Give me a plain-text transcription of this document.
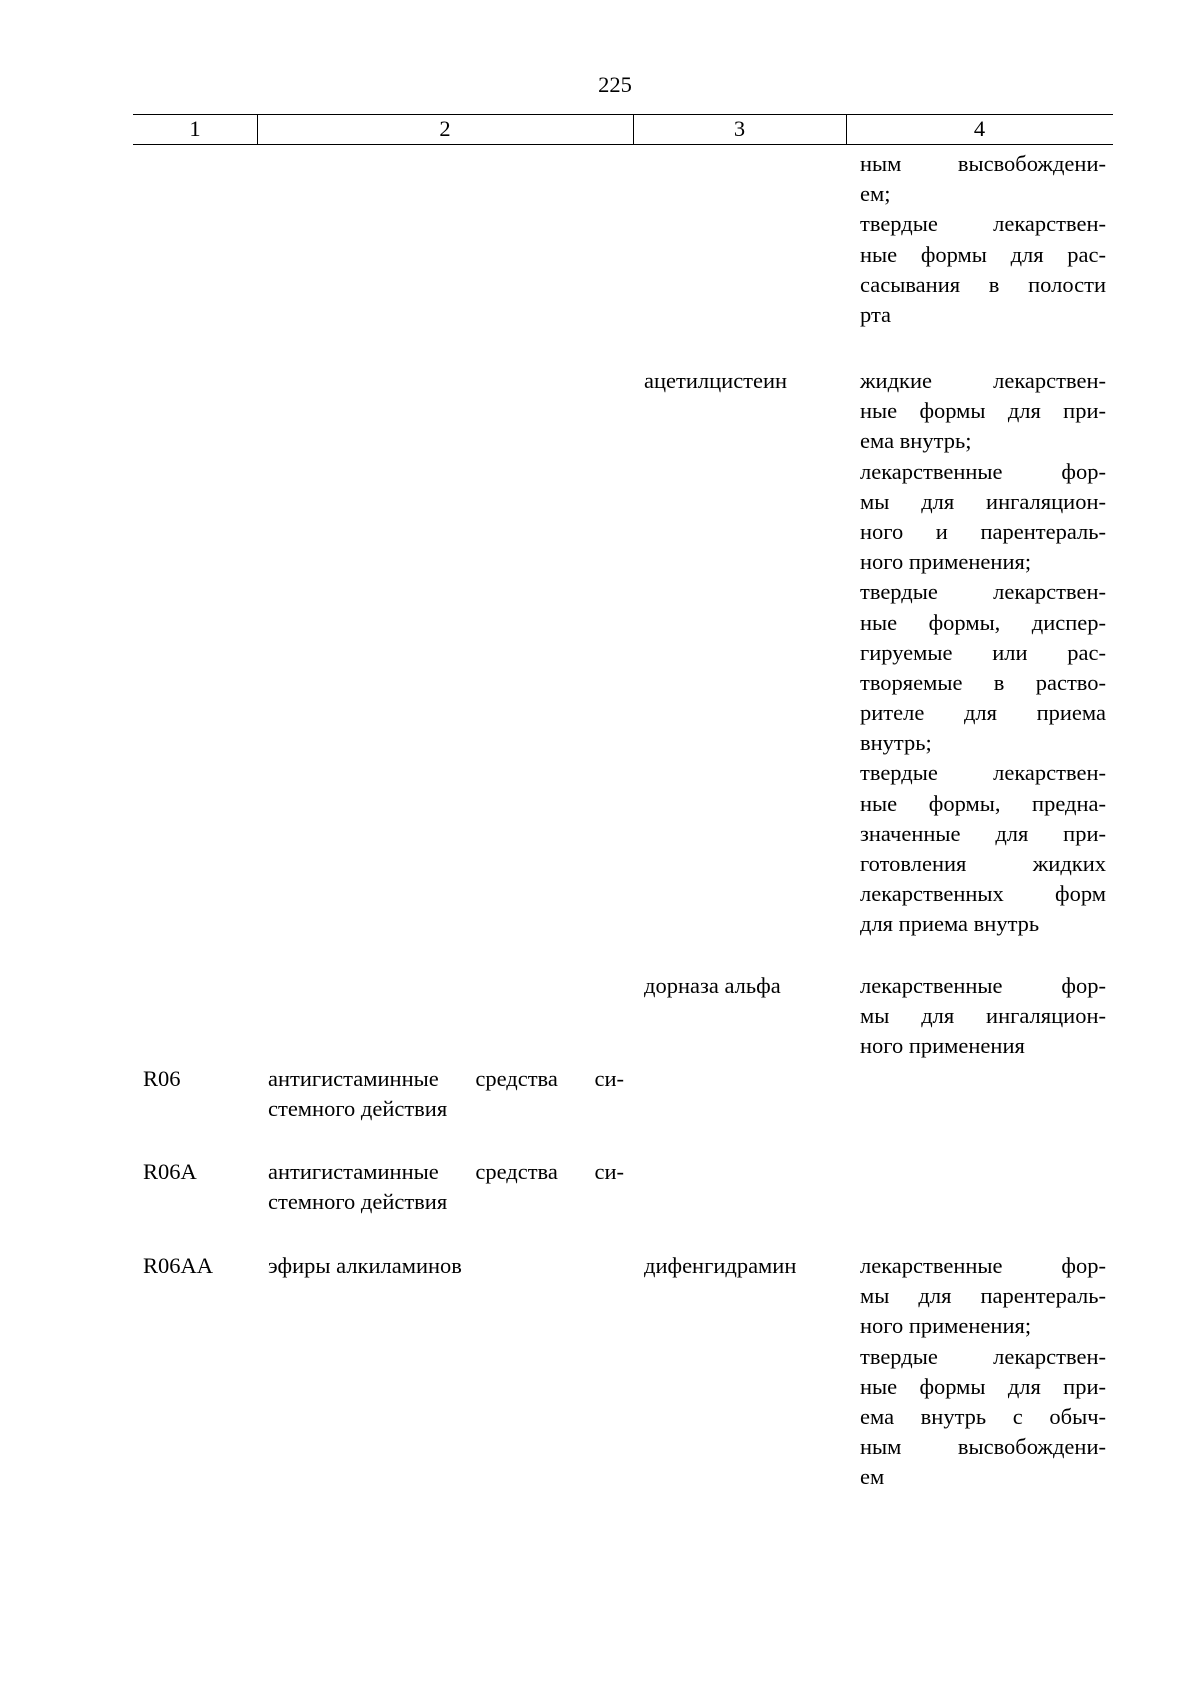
225
1	2	3	4
ным высвобождени-
ем;
твердые лекарствен-
ные формы для рас-
сасывания в полости
рта
ацетилцистеин	жидкие лекарствен-
ные формы для при-
ема внутрь;
лекарственные фор-
мы для ингаляцион-
ного и парентераль-
ного применения;
твердые лекарствен-
ные формы, диспер-
гируемые или рас-
творяемые в раство-
рителе для приема
внутрь;
твердые лекарствен-
ные формы, предна-
значенные для при-
готовления жидких
лекарственных форм
для приема внутрь
дорназа альфа	лекарственные фор-
мы для ингаляцион-
ного применения
R06	антигистаминные средства си-
стемного действия
R06A	антигистаминные средства си-
стемного действия
R06AA эфиры алкиламинов	дифенгидрамин	лекарственные фор-
мы для парентераль-
ного применения;
твердые лекарствен-
ные формы для при-
ема внутрь с обыч-
ным высвобождени-
ем
